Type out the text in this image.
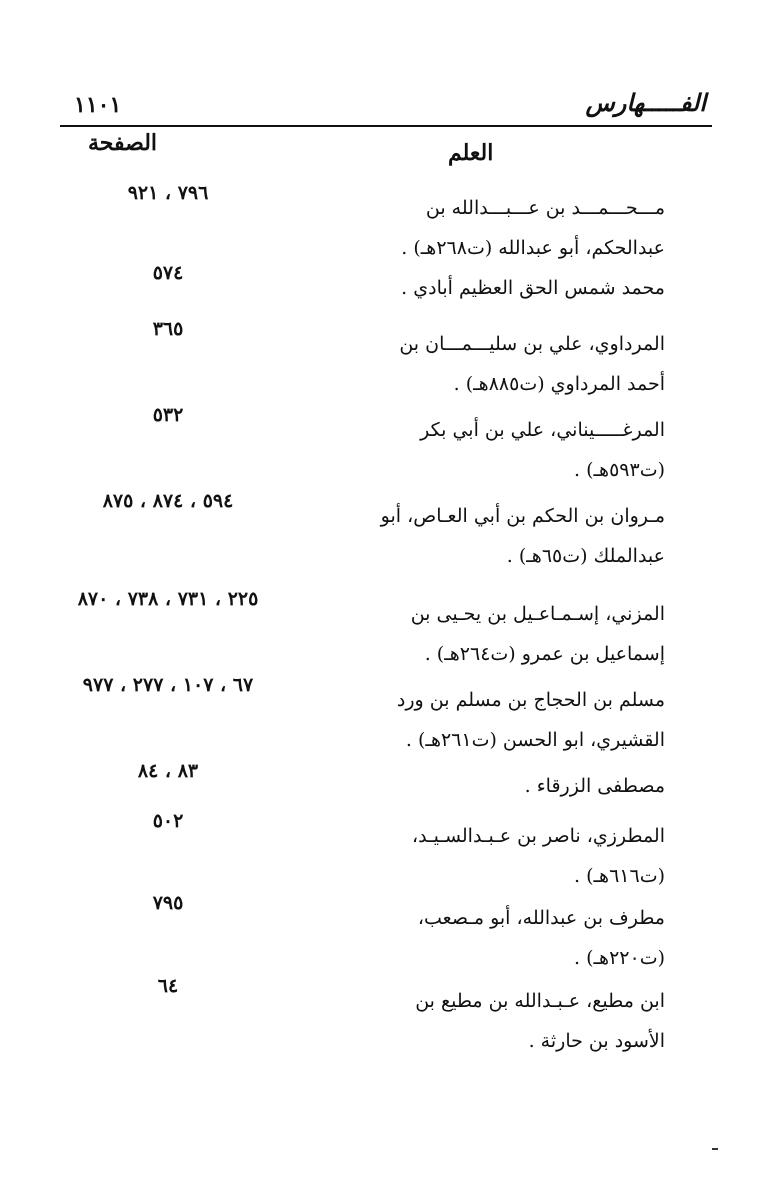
١١٠١	الفـــــهارس
الصفحة	العلم
٧٩٦ ، ٩٢١
مـــحـــمـــد بن عـــبـــدالله بن عبدالحكم، أبو عبدالله (ت٢٦٨هـ) .
٥٧٤
محمد شمس الحق العظيم أبادي .
٣٦٥
المرداوي، علي بن سليـــمـــان بن أحمد المرداوي (ت٨٨٥هـ) .
٥٣٢
المرغـــــيناني، علي بن أبي بكر (ت٥٩٣هـ) .
٥٩٤ ، ٨٧٤ ، ٨٧٥
مـروان بن الحكم بن أبي العـاص، أبو عبدالملك (ت٦٥هـ) .
٢٢٥ ، ٧٣١ ، ٧٣٨ ، ٨٧٠
المزني، إسـمـاعـيل بن يحـيى بن إسماعيل بن عمرو (ت٢٦٤هـ) .
٦٧ ، ١٠٧ ، ٢٧٧ ، ٩٧٧
مسلم بن الحجاج بن مسلم بن ورد القشيري، ابو الحسن (ت٢٦١هـ) .
٨٣ ، ٨٤
مصطفى الزرقاء .
٥٠٢
المطرزي، ناصر بن عـبـدالسـيـد، (ت٦١٦هـ) .
٧٩٥
مطرف بن عبدالله، أبو مـصعب، (ت٢٢٠هـ) .
٦٤
ابن مطيع، عـبـدالله بن مطيع بن الأسود بن حارثة .
